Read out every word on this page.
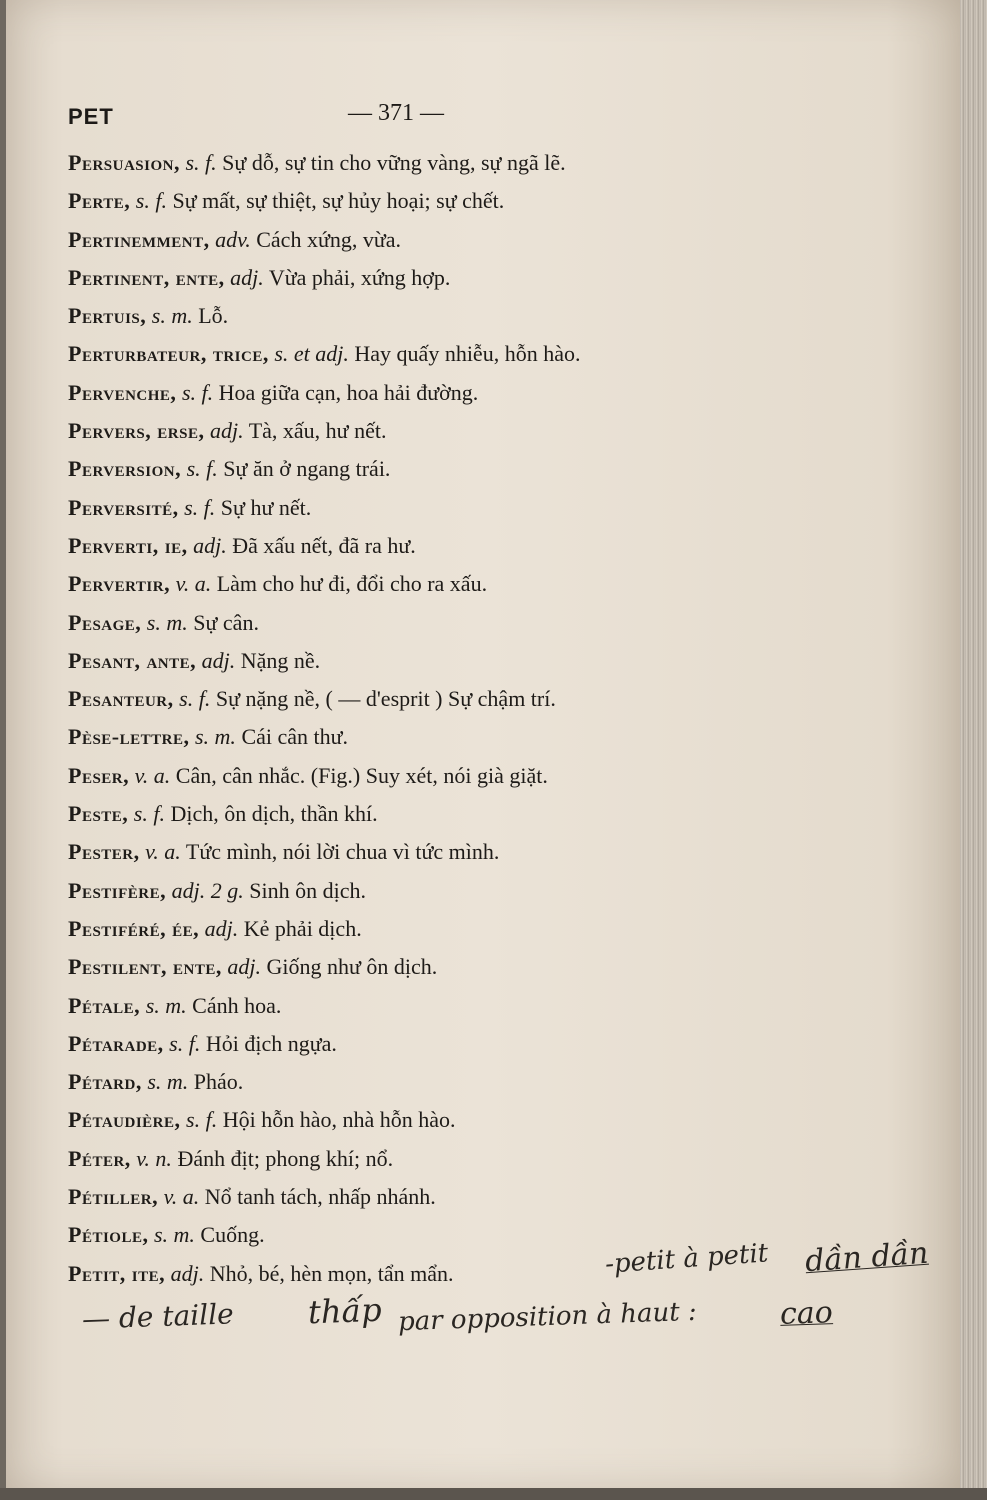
PET	— 371 —
Persuasion, s. f. Sự dỗ, sự tin cho vững vàng, sự ngã lẽ.
Perte, s. f. Sự mất, sự thiệt, sự hủy hoại; sự chết.
Pertinemment, adv. Cách xứng, vừa.
Pertinent, ente, adj. Vừa phải, xứng hợp.
Pertuis, s. m. Lỗ.
Perturbateur, trice, s. et adj. Hay quấy nhiễu, hỗn hào.
Pervenche, s. f. Hoa giữa cạn, hoa hải đường.
Pervers, erse, adj. Tà, xấu, hư nết.
Perversion, s. f. Sự ăn ở ngang trái.
Perversité, s. f. Sự hư nết.
Perverti, ie, adj. Đã xấu nết, đã ra hư.
Pervertir, v. a. Làm cho hư đi, đổi cho ra xấu.
Pesage, s. m. Sự cân.
Pesant, ante, adj. Nặng nề.
Pesanteur, s. f. Sự nặng nề, ( — d'esprit ) Sự chậm trí.
Pèse-lettre, s. m. Cái cân thư.
Peser, v. a. Cân, cân nhắc. (Fig.) Suy xét, nói già giặt.
Peste, s. f. Dịch, ôn dịch, thần khí.
Pester, v. a. Tức mình, nói lời chua vì tức mình.
Pestifère, adj. 2 g. Sinh ôn dịch.
Pestiféré, ée, adj. Kẻ phải dịch.
Pestilent, ente, adj. Giống như ôn dịch.
Pétale, s. m. Cánh hoa.
Pétarade, s. f. Hỏi địch ngựa.
Pétard, s. m. Pháo.
Pétaudière, s. f. Hội hỗn hào, nhà hỗn hào.
Péter, v. n. Đánh địt; phong khí; nổ.
Pétiller, v. a. Nổ tanh tách, nhấp nhánh.
Pétiole, s. m. Cuống.
Petit, ite, adj. Nhỏ, bé, hèn mọn, tẩn mẩn.	-petit à petit dần dần
— de taille thấp par opposition à haut :	cao
